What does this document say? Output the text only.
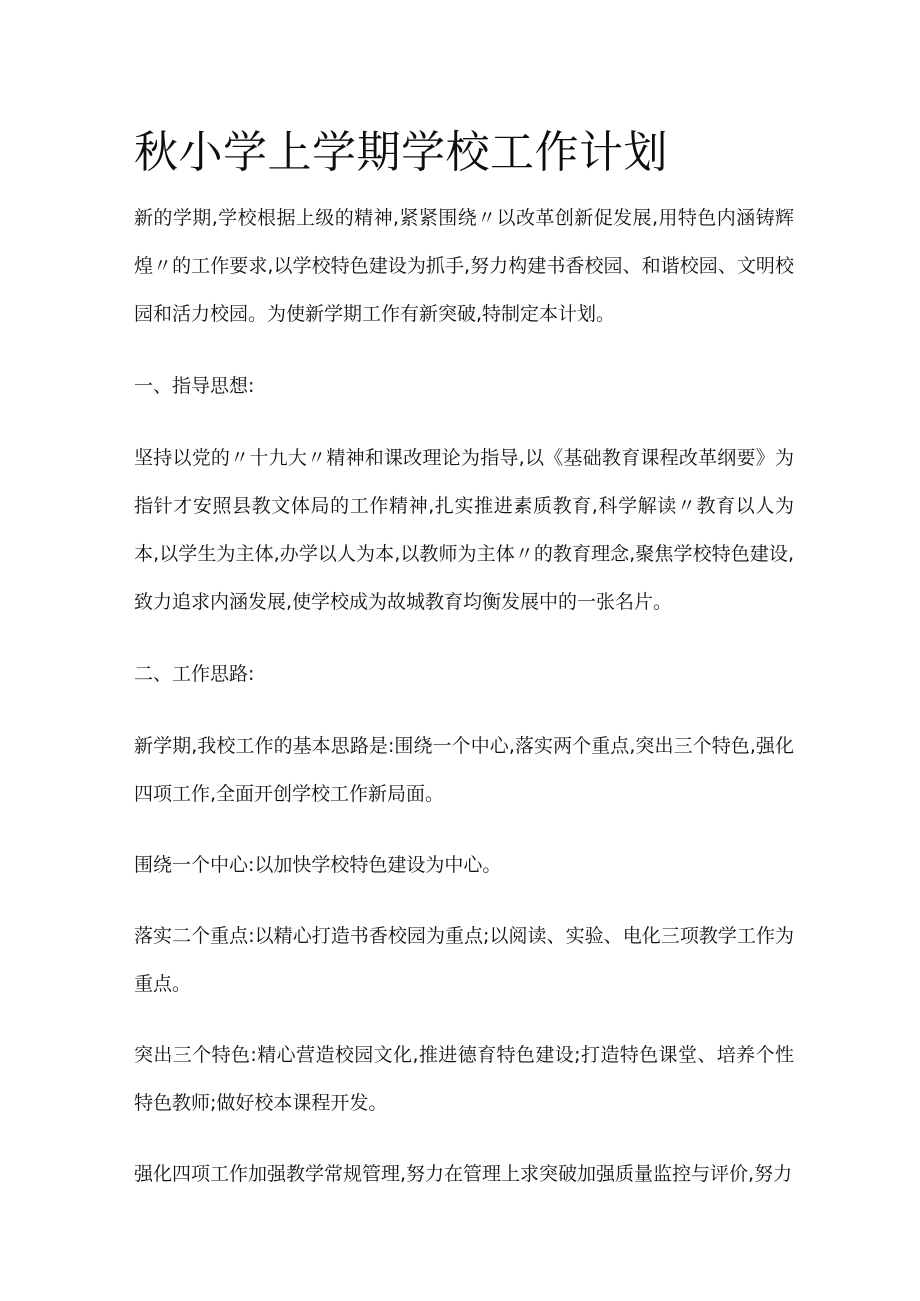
秋小学上学期学校工作计划

新的学期,学校根据上级的精神,紧紧围绕〃以改革创新促发展,用特色内涵铸辉煌〃的工作要求,以学校特色建设为抓手,努力构建书香校园、和谐校园、文明校园和活力校园。为使新学期工作有新突破,特制定本计划。

一、指导思想:

坚持以党的〃十九大〃精神和课改理论为指导,以《基础教育课程改革纲要》为指针才安照县教文体局的工作精神,扎实推进素质教育,科学解读〃教育以人为本,以学生为主体,办学以人为本,以教师为主体〃的教育理念,聚焦学校特色建设,致力追求内涵发展,使学校成为故城教育均衡发展中的一张名片。

二、工作思路:

新学期,我校工作的基本思路是:围绕一个中心,落实两个重点,突出三个特色,强化四项工作,全面开创学校工作新局面。

围绕一个中心:以加快学校特色建设为中心。

落实二个重点:以精心打造书香校园为重点;以阅读、实验、电化三项教学工作为重点。

突出三个特色:精心营造校园文化,推进德育特色建设;打造特色课堂、培养个性特色教师;做好校本课程开发。

强化四项工作加强教学常规管理,努力在管理上求突破加强质量监控与评价,努力
